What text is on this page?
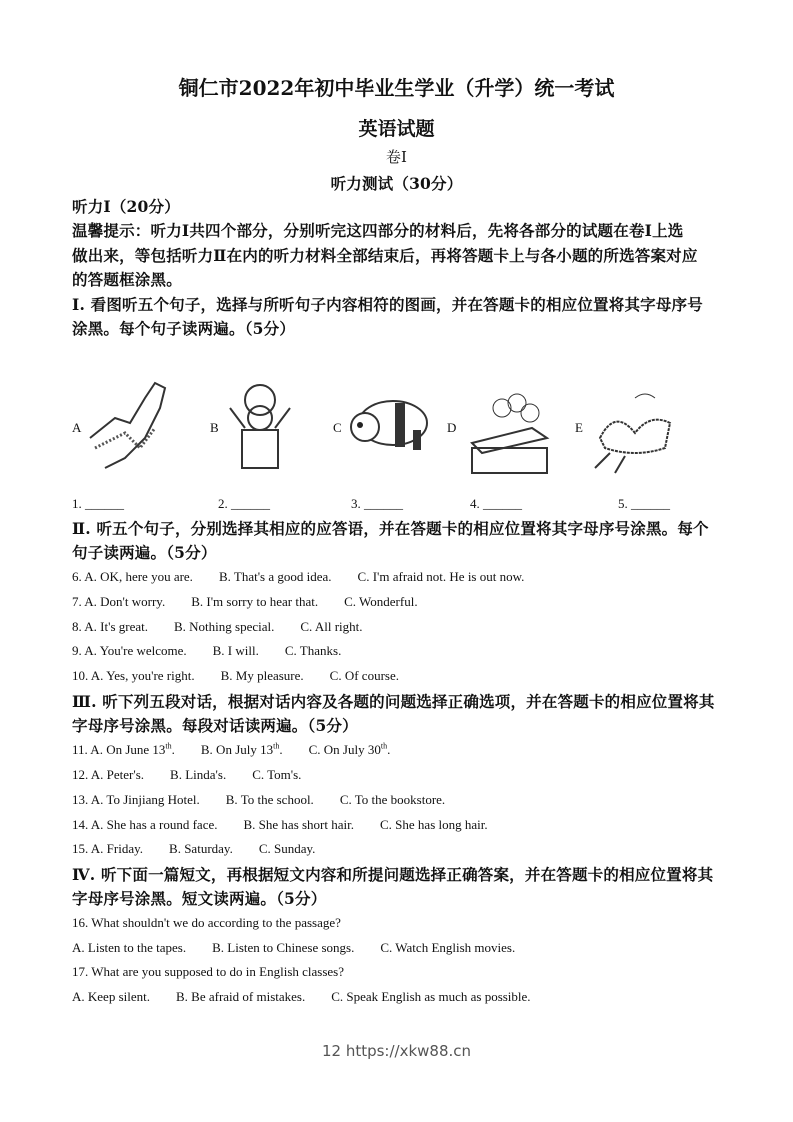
铜仁市2022年初中毕业生学业（升学）统一考试
英语试题
卷Ⅰ
听力测试（30分）
听力Ⅰ（20分）
温馨提示：听力Ⅰ共四个部分，分别听完这四部分的材料后，先将各部分的试题在卷Ⅰ上选
做出来，等包括听力Ⅱ在内的听力材料全部结束后，再将答题卡上与各小题的所选答案对应
的答题框涂黑。
Ⅰ. 看图听五个句子，选择与所听句子内容相符的图画，并在答题卡的相应位置将其字母序号
涂黑。每个句子读两遍。（5分）
A	B	C	D	E
1. ______	2. ______	3. ______	4. ______	5. ______
Ⅱ. 听五个句子，分别选择其相应的应答语，并在答题卡的相应位置将其字母序号涂黑。每个
句子读两遍。（5分）
6. A. OK, here you are. B. That's a good idea. C. I'm afraid not. He is out now.
7. A. Don't worry. B. I'm sorry to hear that. C. Wonderful.
8. A. It's great. B. Nothing special. C. All right.
9. A. You're welcome. B. I will. C. Thanks.
10. A. Yes, you're right. B. My pleasure. C. Of course.
Ⅲ. 听下列五段对话，根据对话内容及各题的问题选择正确选项，并在答题卡的相应位置将其
字母序号涂黑。每段对话读两遍。（5分）
11. A. On June 13th. B. On July 13th. C. On July 30th.
12. A. Peter's. B. Linda's. C. Tom's.
13. A. To Jinjiang Hotel. B. To the school. C. To the bookstore.
14. A. She has a round face. B. She has short hair. C. She has long hair.
15. A. Friday. B. Saturday. C. Sunday.
Ⅳ. 听下面一篇短文，再根据短文内容和所提问题选择正确答案，并在答题卡的相应位置将其
字母序号涂黑。短文读两遍。（5分）
16. What shouldn't we do according to the passage?
A. Listen to the tapes. B. Listen to Chinese songs. C. Watch English movies.
17. What are you supposed to do in English classes?
A. Keep silent. B. Be afraid of mistakes. C. Speak English as much as possible.
12 https://xkw88.cn
